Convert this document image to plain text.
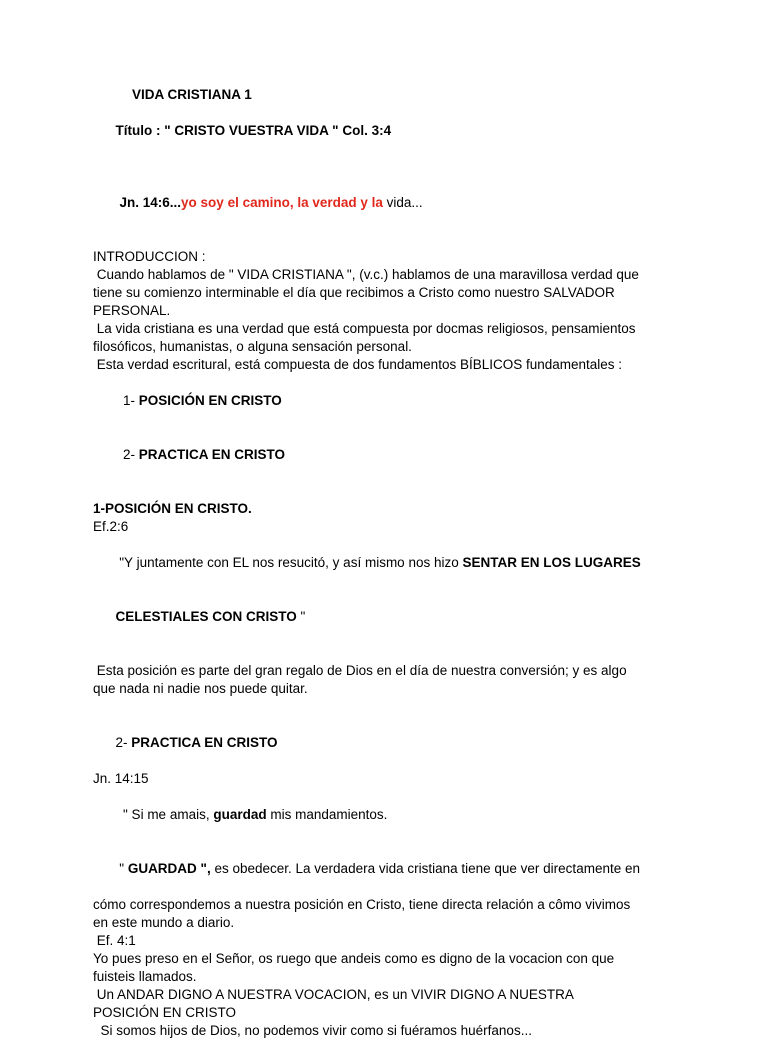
VIDA CRISTIANA 1

Título : " CRISTO VUESTRA VIDA " Col. 3:4

Jn. 14:6...yo soy el camino, la verdad y la vida...

INTRODUCCION :
Cuando hablamos de " VIDA CRISTIANA ", (v.c.) hablamos de una maravillosa verdad que
tiene su comienzo interminable el día que recibimos a Cristo como nuestro SALVADOR
PERSONAL.
La vida cristiana es una verdad que está compuesta por docmas religiosos, pensamientos
filosóficos, humanistas, o alguna sensación personal.
Esta verdad escritural, está compuesta de dos fundamentos BÍBLICOS fundamentales :

1- POSICIÓN EN CRISTO

2- PRACTICA EN CRISTO

1-POSICIÓN EN CRISTO.
Ef.2:6

"Y juntamente con EL nos resucitó, y así mismo nos hizo SENTAR EN LOS LUGARES

CELESTIALES CON CRISTO "

Esta posición es parte del gran regalo de Dios en el día de nuestra conversión; y es algo
que nada ni nadie nos puede quitar.

2- PRACTICA EN CRISTO

Jn. 14:15

" Si me amais, guardad mis mandamientos.

" GUARDAD ", es obedecer. La verdadera vida cristiana tiene que ver directamente en

cómo correspondemos a nuestra posición en Cristo, tiene directa relación a cômo vivimos
en este mundo a diario.
Ef. 4:1
Yo pues preso en el Señor, os ruego que andeis como es digno de la vocacion con que
fuisteis llamados.
Un ANDAR DIGNO A NUESTRA VOCACION, es un VIVIR DIGNO A NUESTRA
POSICIÓN EN CRISTO
Si somos hijos de Dios, no podemos vivir como si fuéramos huérfanos...
